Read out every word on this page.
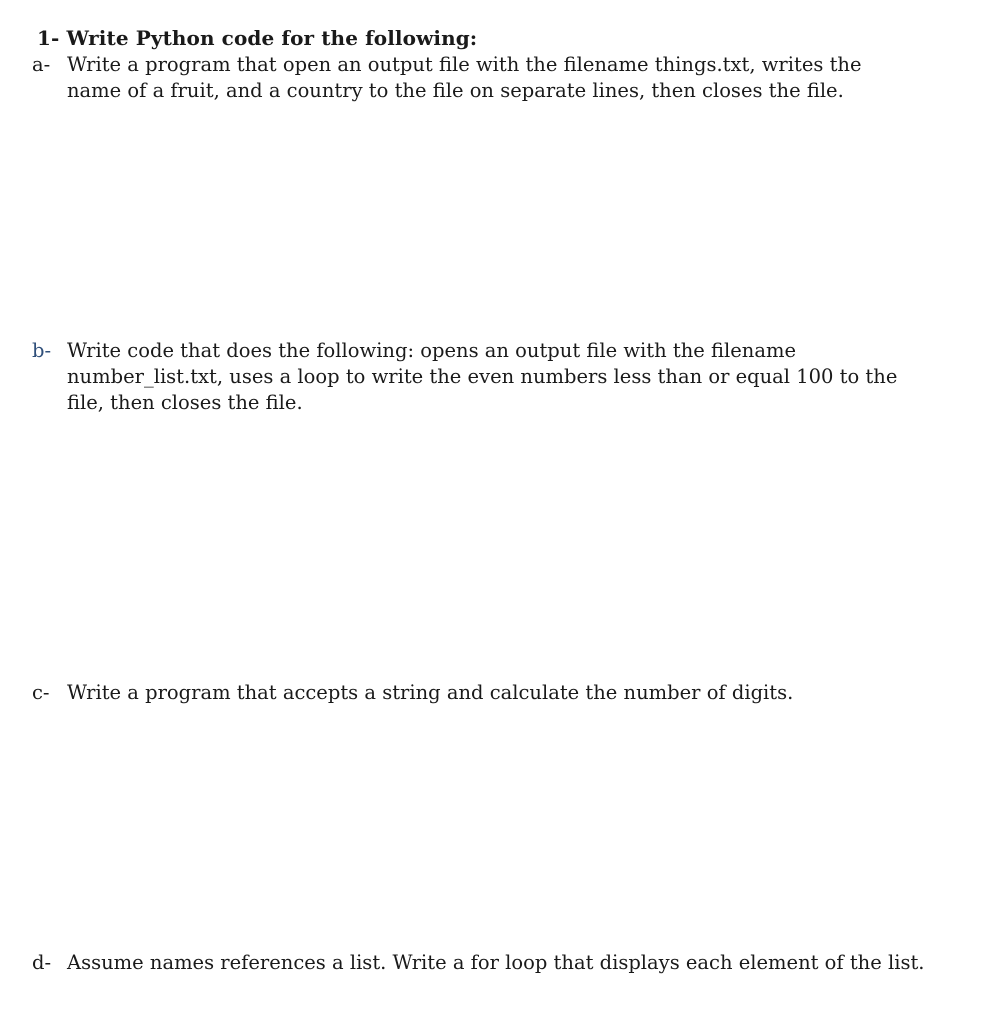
1- Write Python code for the following:
a- Write a program that open an output file with the filename things.txt, writes the
name of a fruit, and a country to the file on separate lines, then closes the file.
b- Write code that does the following: opens an output file with the filename
number_list.txt, uses a loop to write the even numbers less than or equal 100 to the
file, then closes the file.
c- Write a program that accepts a string and calculate the number of digits.
d- Assume names references a list. Write a for loop that displays each element of the list.
